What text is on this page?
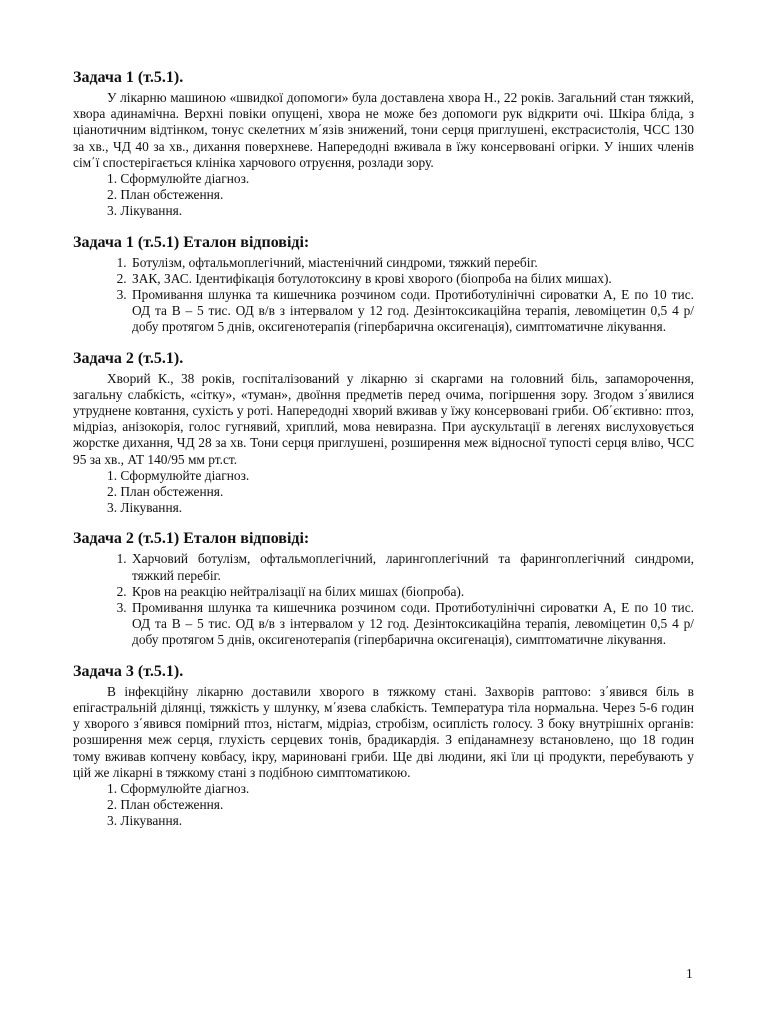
Задача 1 (т.5.1).

У лікарню машиною «швидкої допомоги» була доставлена хвора Н., 22 років. Загальний стан тяжкий, хвора адинамічна. Верхні повіки опущені, хвора не може без допомоги рук відкрити очі. Шкіра бліда, з ціанотичним відтінком, тонус скелетних м΄язів знижений, тони серця приглушені, екстрасистолія, ЧСС 130 за хв., ЧД 40 за хв., дихання поверхневе. Напередодні вживала в їжу консервовані огірки. У інших членів сім΄ї спостерігається клініка харчового отруєння, розлади зору.

1. Сформулюйте діагноз.
2. План обстеження.
3. Лікування.
Задача 1 (т.5.1) Еталон відповіді:
1. Ботулізм, офтальмоплегічний, міастенічний синдроми, тяжкий перебіг.
2. ЗАК, ЗАС. Ідентифікація ботулотоксину в крові хворого (біопроба на білих мишах).
3. Промивання шлунка та кишечника розчином соди. Протиботулінічні сироватки А, Е по 10 тис. ОД та В – 5 тис. ОД в/в з інтервалом у 12 год. Дезінтоксикаційна терапія, левоміцетин 0,5 4 р/добу протягом 5 днів, оксигенотерапія (гіпербарична оксигенація), симптоматичне лікування.
Задача 2 (т.5.1).

Хворий К., 38 років, госпіталізований у лікарню зі скаргами на головний біль, запаморочення, загальну слабкість, «сітку», «туман», двоїння предметів перед очима, погіршення зору. Згодом з΄явилися утруднене ковтання, сухість у роті. Напередодні хворий вживав у їжу консервовані гриби. Об΄єктивно: птоз, мідріаз, анізокорія, голос гугнявий, хриплий, мова невиразна. При аускультації в легенях вислуховується жорстке дихання, ЧД 28 за хв. Тони серця приглушені, розширення меж відносної тупості серця вліво, ЧСС 95 за хв., АТ 140/95 мм рт.ст.

1. Сформулюйте діагноз.
2. План обстеження.
3. Лікування.
Задача 2 (т.5.1) Еталон відповіді:
1. Харчовий ботулізм, офтальмоплегічний, ларингоплегічний та фарингоплегічний синдроми, тяжкий перебіг.
2. Кров на реакцію нейтралізації на білих мишах (біопроба).
3. Промивання шлунка та кишечника розчином соди. Протиботулінічні сироватки А, Е по 10 тис. ОД та В – 5 тис. ОД в/в з інтервалом у 12 год. Дезінтоксикаційна терапія, левоміцетин 0,5 4 р/добу протягом 5 днів, оксигенотерапія (гіпербарична оксигенація), симптоматичне лікування.
Задача 3 (т.5.1).

В інфекційну лікарню доставили хворого в тяжкому стані. Захворів раптово: з΄явився біль в епігастральній ділянці, тяжкість у шлунку, м΄язева слабкість. Температура тіла нормальна. Через 5-6 годин у хворого з΄явився помірний птоз, ністагм, мідріаз, стробізм, осиплість голосу. З боку внутрішніх органів: розширення меж серця, глухість серцевих тонів, брадикардія. З епіданамнезу встановлено, що 18 годин тому вживав копчену ковбасу, ікру, мариновані гриби. Ще дві людини, які їли ці продукти, перебувають у цій же лікарні в тяжкому стані з подібною симптоматикою.

1. Сформулюйте діагноз.
2. План обстеження.
3. Лікування.
1
